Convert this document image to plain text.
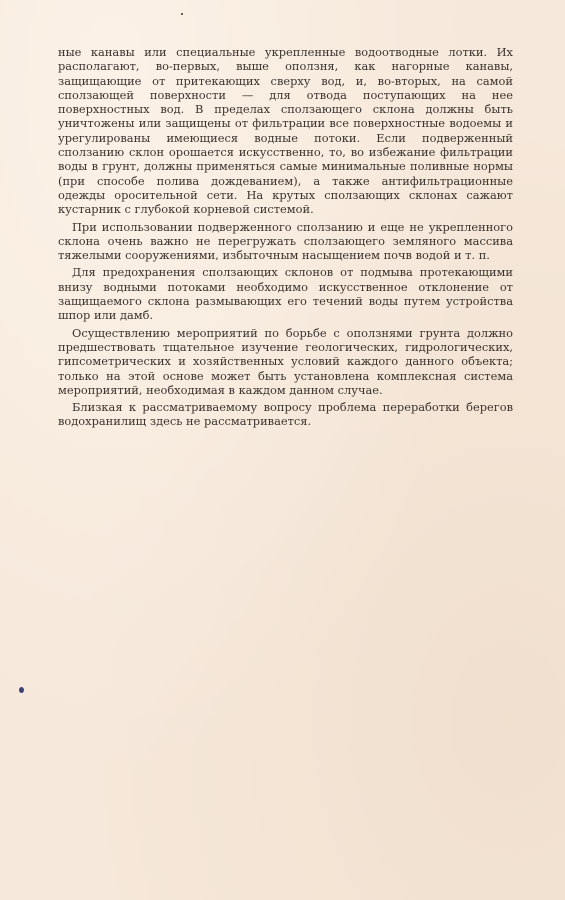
ные канавы или специальные укрепленные водоотводные лотки. Их располагают, во-первых, выше оползня, как нагорные канавы, защищающие от притекающих сверху вод, и, во-вторых, на самой сползающей поверхности — для отвода поступающих на нее поверхностных вод. В пределах сползающего склона должны быть уничтожены или защищены от фильтрации все поверхностные водоемы и урегулированы имеющиеся водные потоки. Если подверженный сползанию склон орошается искусственно, то, во избежание фильтрации воды в грунт, должны применяться самые минимальные поливные нормы (при способе полива дождеванием), а также антифильтрационные одежды оросительной сети. На крутых сползающих склонах сажают кустарник с глубокой корневой системой.

При использовании подверженного сползанию и еще не укрепленного склона очень важно не перегружать сползающего земляного массива тяжелыми сооружениями, избыточным насыщением почв водой и т. п.

Для предохранения сползающих склонов от подмыва протекающими внизу водными потоками необходимо искусственное отклонение от защищаемого склона размывающих его течений воды путем устройства шпор или дамб.

Осуществлению мероприятий по борьбе с оползнями грунта должно предшествовать тщательное изучение геологических, гидрологических, гипсометрических и хозяйственных условий каждого данного объекта; только на этой основе может быть установлена комплексная система мероприятий, необходимая в каждом данном случае.

Близкая к рассматриваемому вопросу проблема переработки берегов водохранилищ здесь не рассматривается.
